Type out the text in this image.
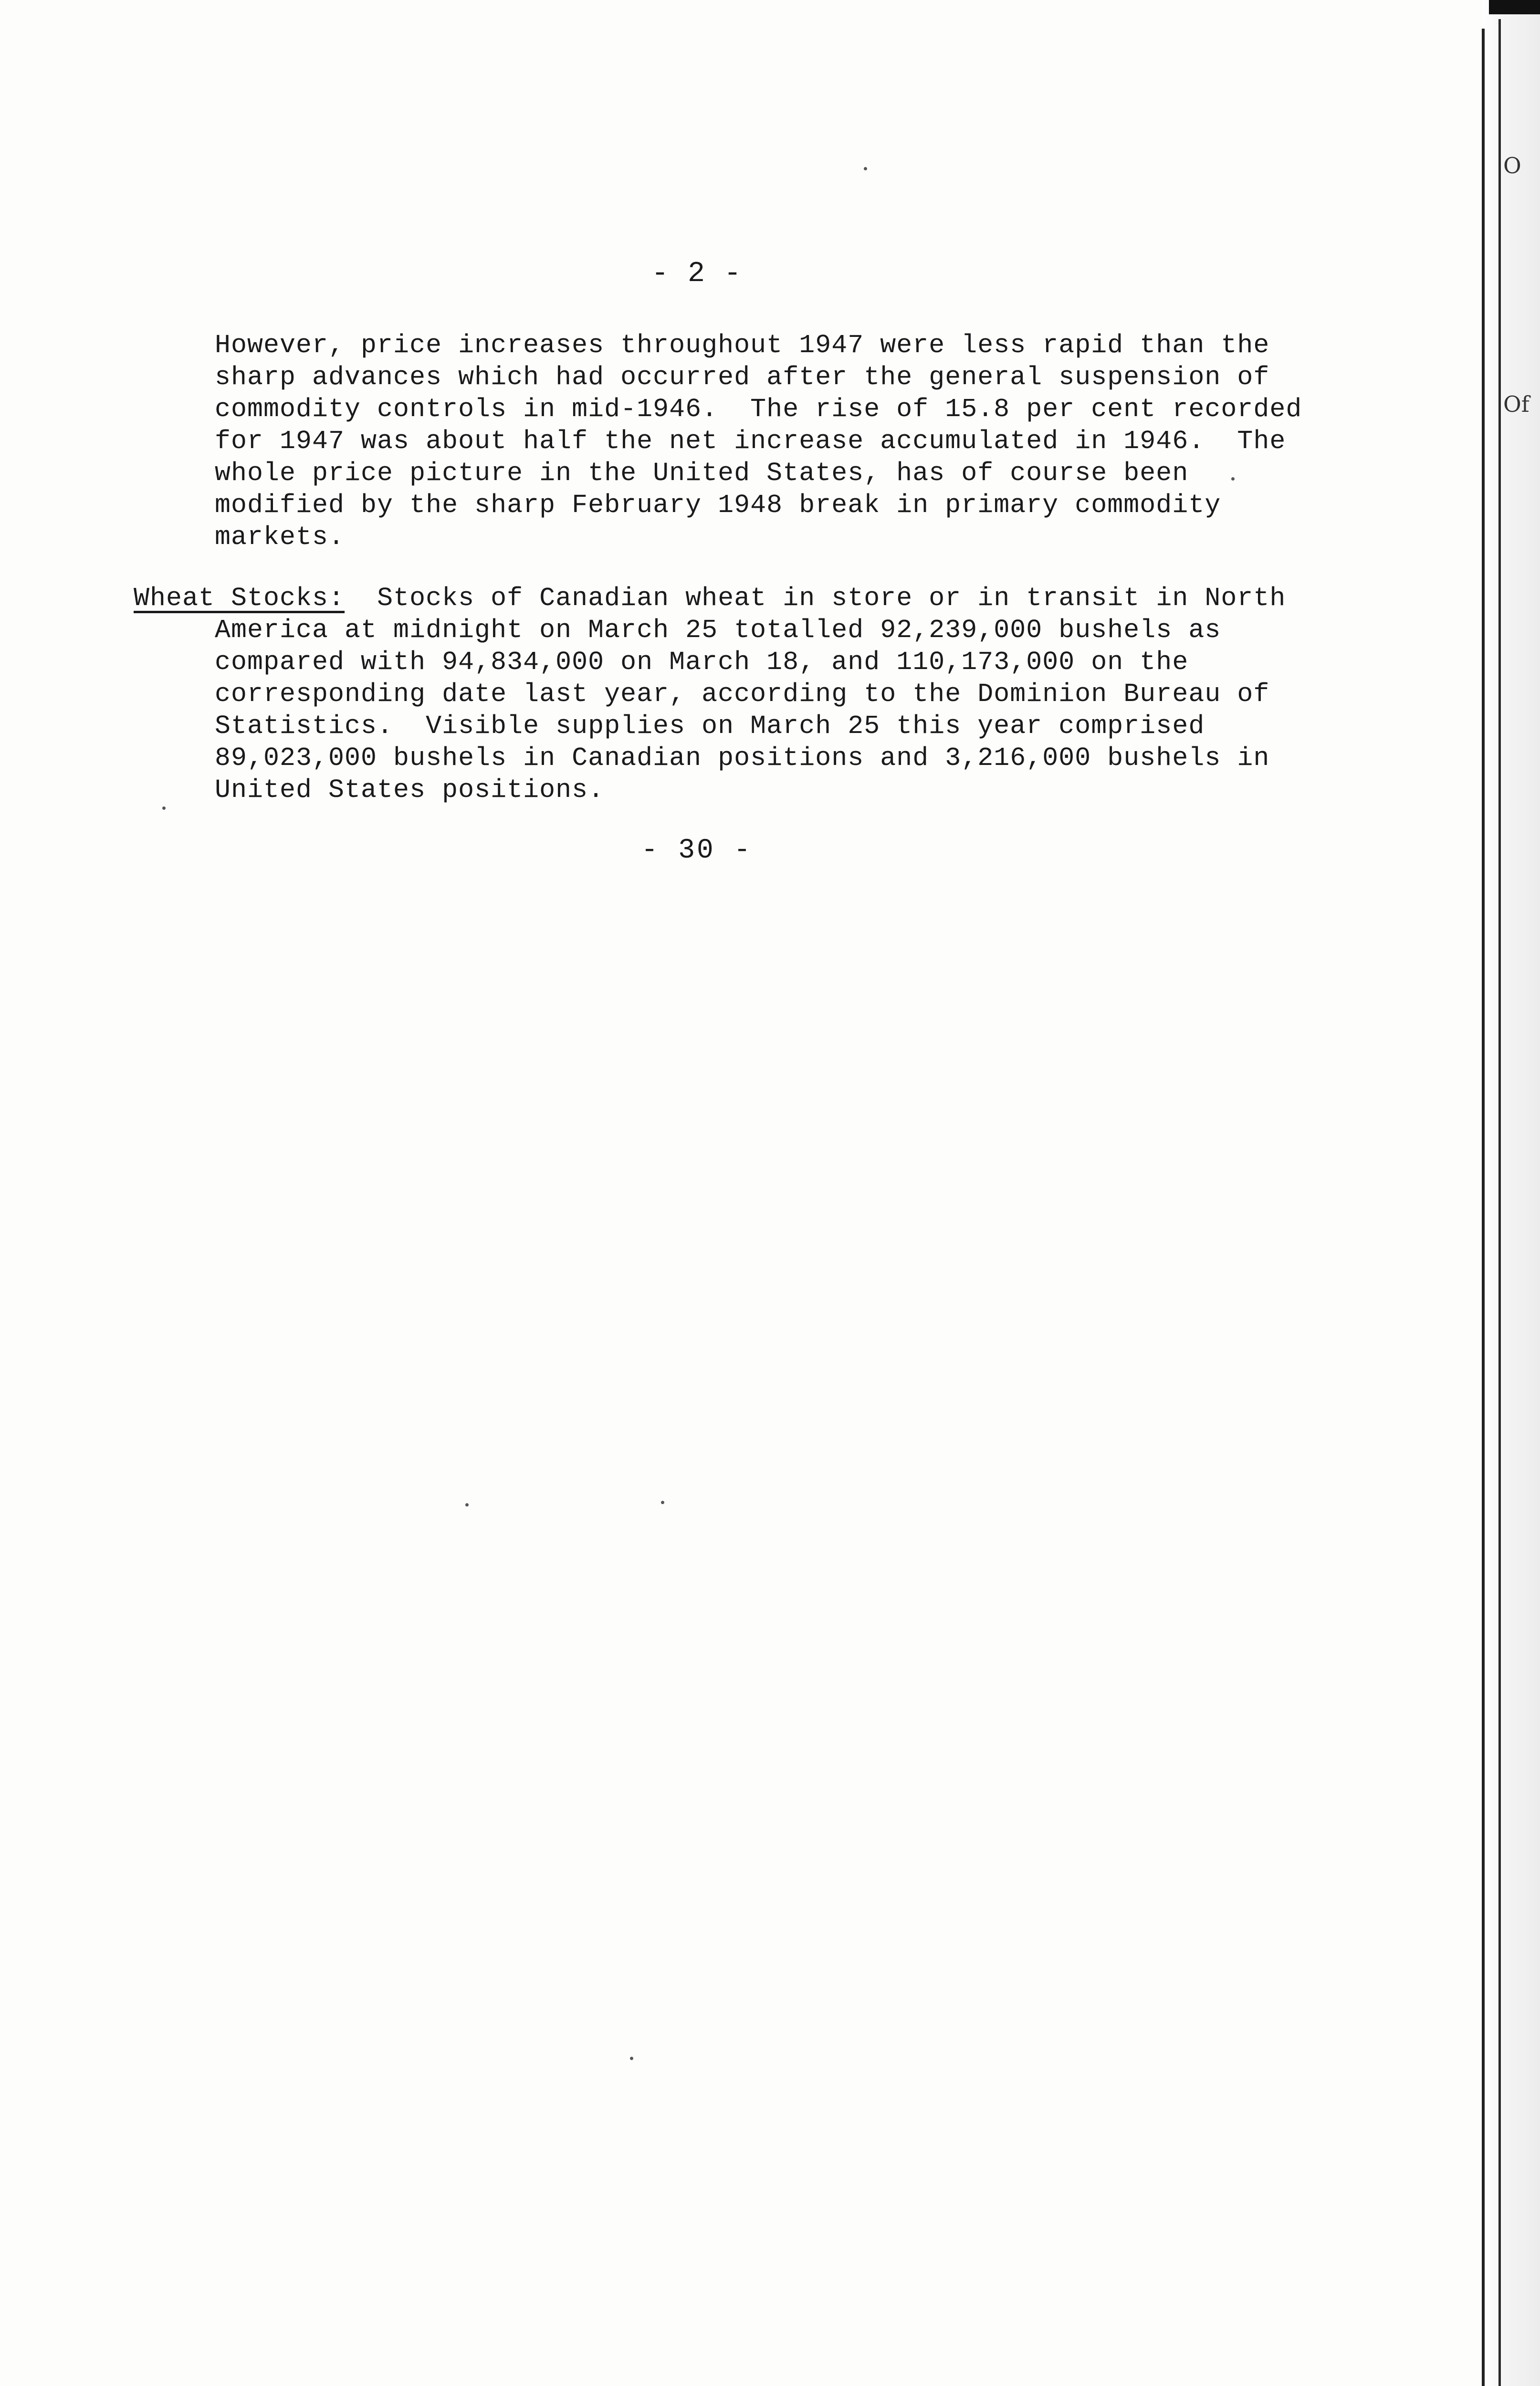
- 2 -
However, price increases throughout 1947 were less rapid than the
sharp advances which had occurred after the general suspension of
commodity controls in mid-1946.  The rise of 15.8 per cent recorded
for 1947 was about half the net increase accumulated in 1946.  The
whole price picture in the United States, has of course been
modified by the sharp February 1948 break in primary commodity
markets.
Wheat Stocks:  Stocks of Canadian wheat in store or in transit in North
America at midnight on March 25 totalled 92,239,000 bushels as
compared with 94,834,000 on March 18, and 110,173,000 on the
corresponding date last year, according to the Dominion Bureau of
Statistics.  Visible supplies on March 25 this year comprised
89,023,000 bushels in Canadian positions and 3,216,000 bushels in
United States positions.
- 30 -
O
Of
